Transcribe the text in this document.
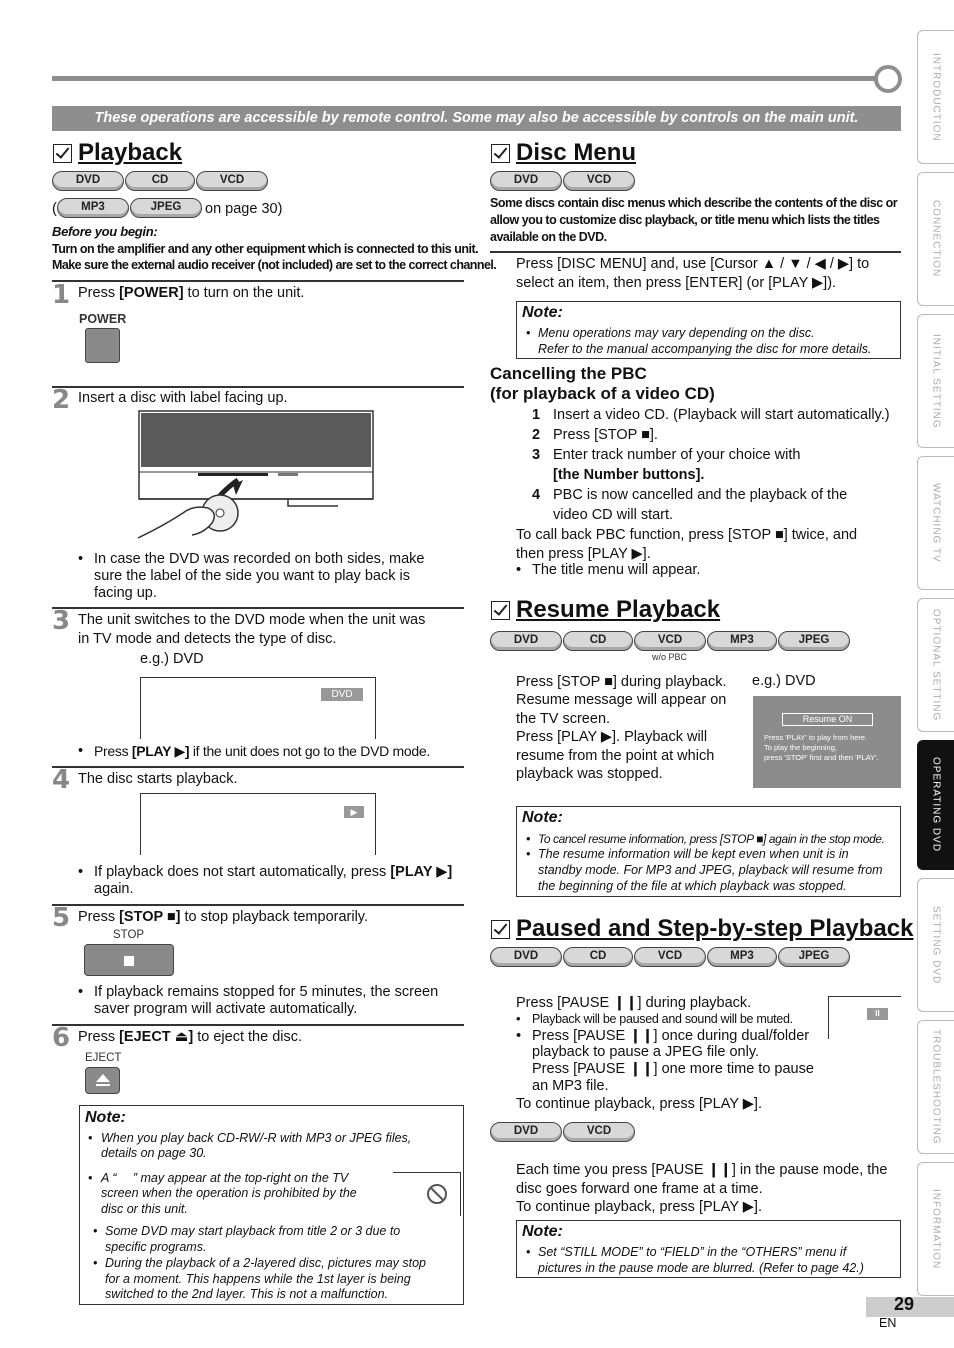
These operations are accessible by remote control. Some may also be accessible by controls on the main unit.
Playback
DVD	CD	VCD
(	MP3	JPEG	on page 30)
Before you begin:
Turn on the amplifier and any other equipment which is connected to this unit.
Make sure the external audio receiver (not included) are set to the correct channel.
1 Press [POWER] to turn on the unit.
POWER
2 Insert a disc with label facing up.
• In case the DVD was recorded on both sides, make
sure the label of the side you want to play back is
facing up.
3 The unit switches to the DVD mode when the unit was
in TV mode and detects the type of disc.
e.g.) DVD
DVD
• Press [PLAY ▶] if the unit does not go to the DVD mode.
4 The disc starts playback.
▶
• If playback does not start automatically, press [PLAY ▶]
again.
5 Press [STOP ■] to stop playback temporarily.
STOP
• If playback remains stopped for 5 minutes, the screen
saver program will activate automatically.
6 Press [EJECT ⏏] to eject the disc.
EJECT
Note:
• When you play back CD-RW/-R with MP3 or JPEG files,
details on page 30.
• A “ ⃠ ” may appear at the top-right on the TV
screen when the operation is prohibited by the
disc or this unit.
• Some DVD may start playback from title 2 or 3 due to
specific programs.
• During the playback of a 2-layered disc, pictures may stop
for a moment. This happens while the 1st layer is being
switched to the 2nd layer. This is not a malfunction.
Disc Menu
DVD	VCD
Some discs contain disc menus which describe the contents of the disc or
allow you to customize disc playback, or title menu which lists the titles
available on the DVD.
Press [DISC MENU] and, use [Cursor ▲ / ▼ / ◀ / ▶] to
select an item, then press [ENTER] (or [PLAY ▶]).
Note:
• Menu operations may vary depending on the disc.
Refer to the manual accompanying the disc for more details.
Cancelling the PBC
(for playback of a video CD)
1 Insert a video CD. (Playback will start automatically.)
2 Press [STOP ■].
3 Enter track number of your choice with
[the Number buttons].
4 PBC is now cancelled and the playback of the
video CD will start.
To call back PBC function, press [STOP ■] twice, and
then press [PLAY ▶].
• The title menu will appear.
Resume Playback
DVD	CD	VCD	MP3	JPEG
w/o PBC
Press [STOP ■] during playback.
Resume message will appear on
the TV screen.
Press [PLAY ▶]. Playback will
resume from the point at which
playback was stopped.
e.g.) DVD
Resume ON
Press 'PLAY' to play from here.
To play the beginning,
press 'STOP' first and then 'PLAY'.
Note:
• To cancel resume information, press [STOP ■] again in the stop mode.
• The resume information will be kept even when unit is in
standby mode. For MP3 and JPEG, playback will resume from
the beginning of the file at which playback was stopped.
Paused and Step-by-step Playback
DVD	CD	VCD	MP3	JPEG
Press [PAUSE ❙❙] during playback.
• Playback will be paused and sound will be muted.
• Press [PAUSE ❙❙] once during dual/folder
playback to pause a JPEG file only.
Press [PAUSE ❙❙] one more time to pause
an MP3 file.
To continue playback, press [PLAY ▶].
II
DVD	VCD
Each time you press [PAUSE ❙❙] in the pause mode, the
disc goes forward one frame at a time.
To continue playback, press [PLAY ▶].
Note:
• Set “STILL MODE” to “FIELD” in the “OTHERS” menu if
pictures in the pause mode are blurred. (Refer to page 42.)
INTRODUCTION
CONNECTION
INITIAL SETTING
WATCHING TV
OPTIONAL SETTING
OPERATING DVD
SETTING DVD
TROUBLESHOOTING
INFORMATION
29
EN
